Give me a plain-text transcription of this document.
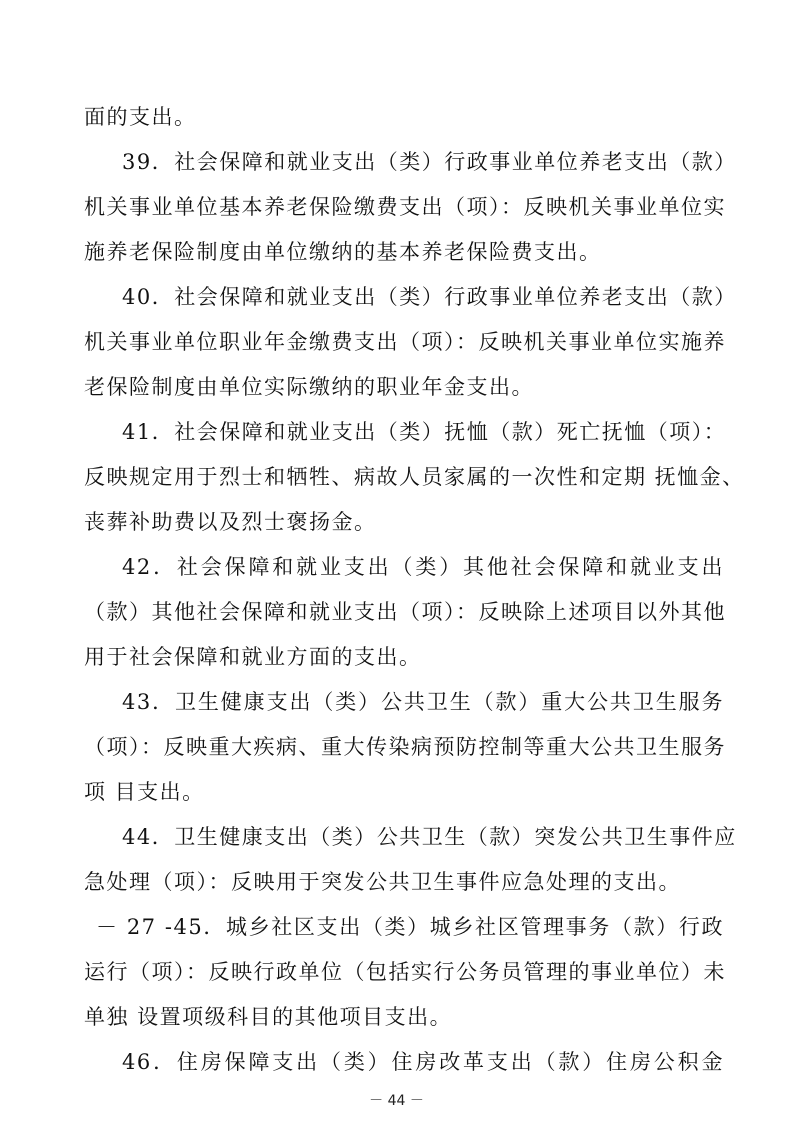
面的支出。
39．社会保障和就业支出（类）行政事业单位养老支出（款）
机关事业单位基本养老保险缴费支出（项）：反映机关事业单位实
施养老保险制度由单位缴纳的基本养老保险费支出。
40．社会保障和就业支出（类）行政事业单位养老支出（款）
机关事业单位职业年金缴费支出（项）：反映机关事业单位实施养
老保险制度由单位实际缴纳的职业年金支出。
41．社会保障和就业支出（类）抚恤（款）死亡抚恤（项）：
反映规定用于烈士和牺牲、病故人员家属的一次性和定期 抚恤金、
丧葬补助费以及烈士褒扬金。
42．社会保障和就业支出（类）其他社会保障和就业支出
（款）其他社会保障和就业支出（项）：反映除上述项目以外其他
用于社会保障和就业方面的支出。
43．卫生健康支出（类）公共卫生（款）重大公共卫生服务
（项）：反映重大疾病、重大传染病预防控制等重大公共卫生服务
项 目支出。
44．卫生健康支出（类）公共卫生（款）突发公共卫生事件应
急处理（项）：反映用于突发公共卫生事件应急处理的支出。
－ 27 -45．城乡社区支出（类）城乡社区管理事务（款）行政
运行（项）：反映行政单位（包括实行公务员管理的事业单位）未
单独 设置项级科目的其他项目支出。
46．住房保障支出（类）住房改革支出（款）住房公积金
－ 44 －
